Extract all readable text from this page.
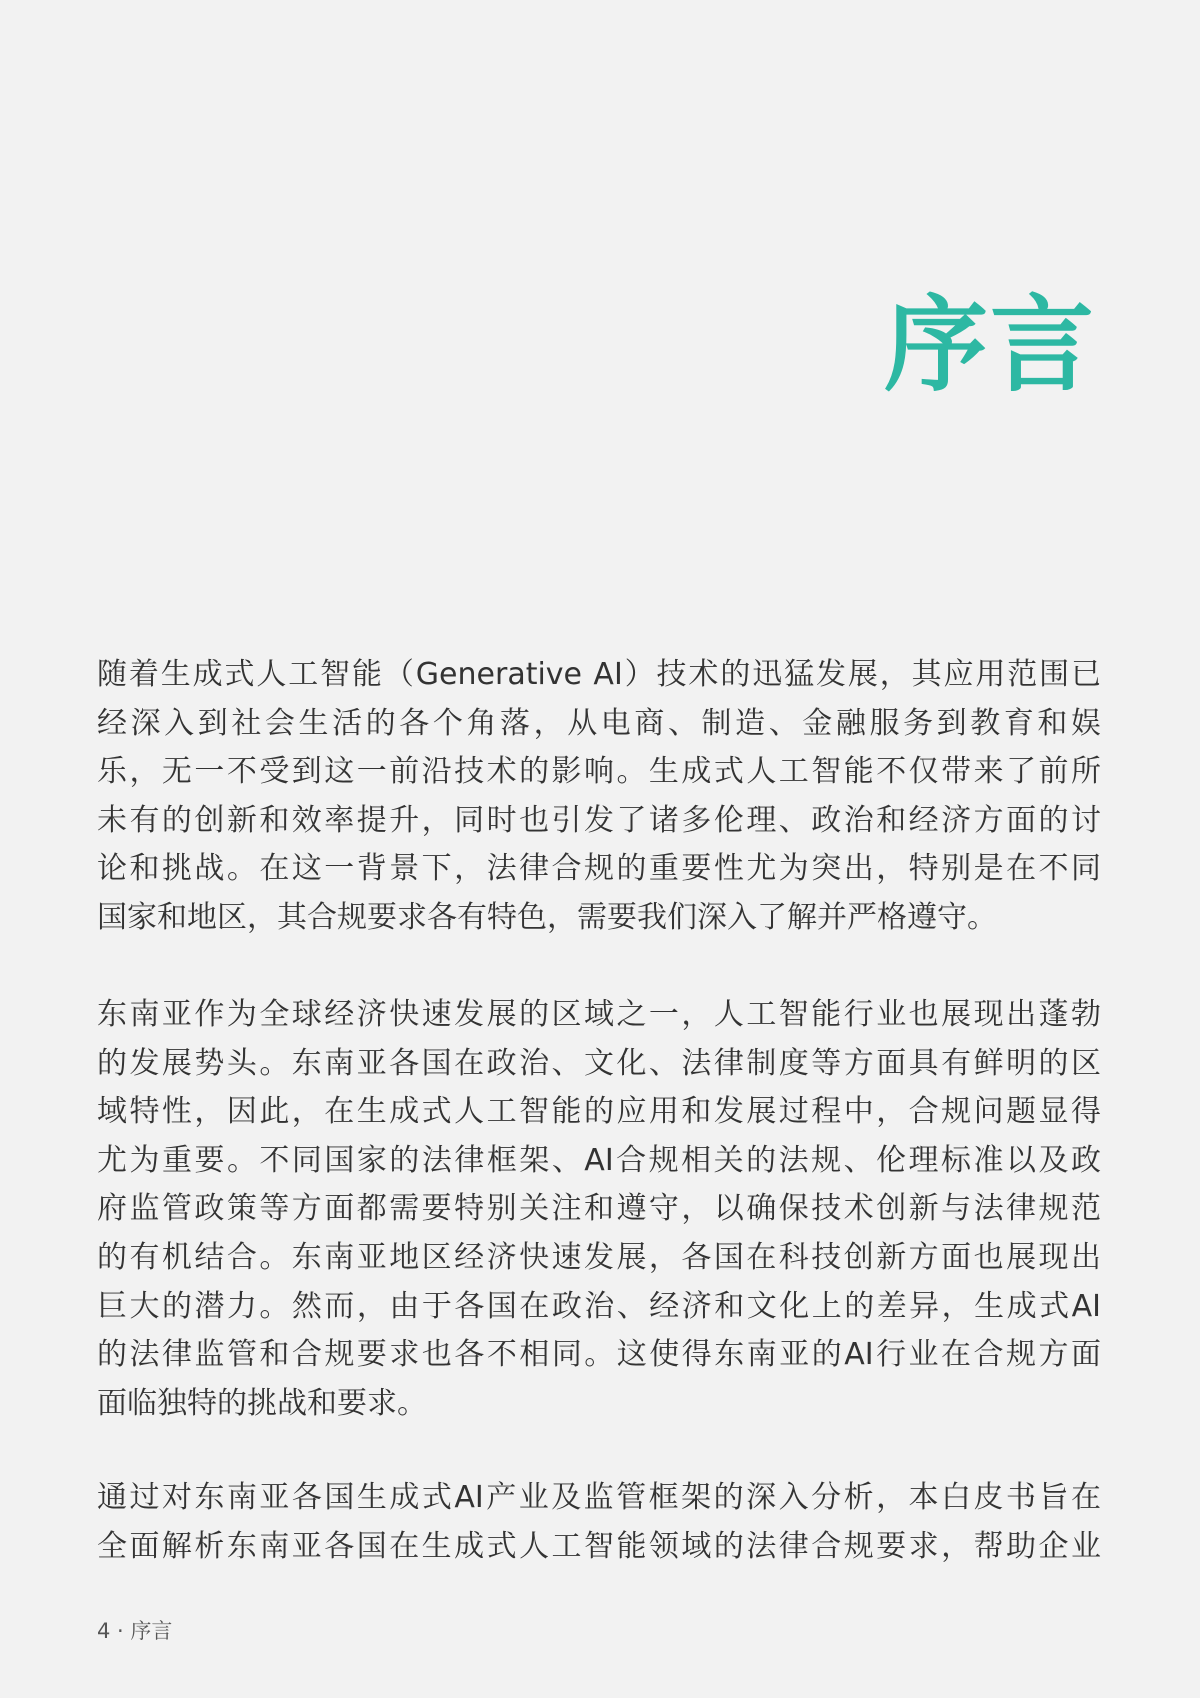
序言
随着生成式人工智能（Generative AI）技术的迅猛发展，其应用范围已
经深入到社会生活的各个角落，从电商、制造、金融服务到教育和娱
乐，无一不受到这一前沿技术的影响。生成式人工智能不仅带来了前所
未有的创新和效率提升，同时也引发了诸多伦理、政治和经济方面的讨
论和挑战。在这一背景下，法律合规的重要性尤为突出，特别是在不同
国家和地区，其合规要求各有特色，需要我们深入了解并严格遵守。
东南亚作为全球经济快速发展的区域之一，人工智能行业也展现出蓬勃
的发展势头。东南亚各国在政治、文化、法律制度等方面具有鲜明的区
域特性，因此，在生成式人工智能的应用和发展过程中，合规问题显得
尤为重要。不同国家的法律框架、AI合规相关的法规、伦理标准以及政
府监管政策等方面都需要特别关注和遵守，以确保技术创新与法律规范
的有机结合。东南亚地区经济快速发展，各国在科技创新方面也展现出
巨大的潜力。然而，由于各国在政治、经济和文化上的差异，生成式AI
的法律监管和合规要求也各不相同。这使得东南亚的AI行业在合规方面
面临独特的挑战和要求。
通过对东南亚各国生成式AI产业及监管框架的深入分析，本白皮书旨在
全面解析东南亚各国在生成式人工智能领域的法律合规要求，帮助企业
4 · 序言
